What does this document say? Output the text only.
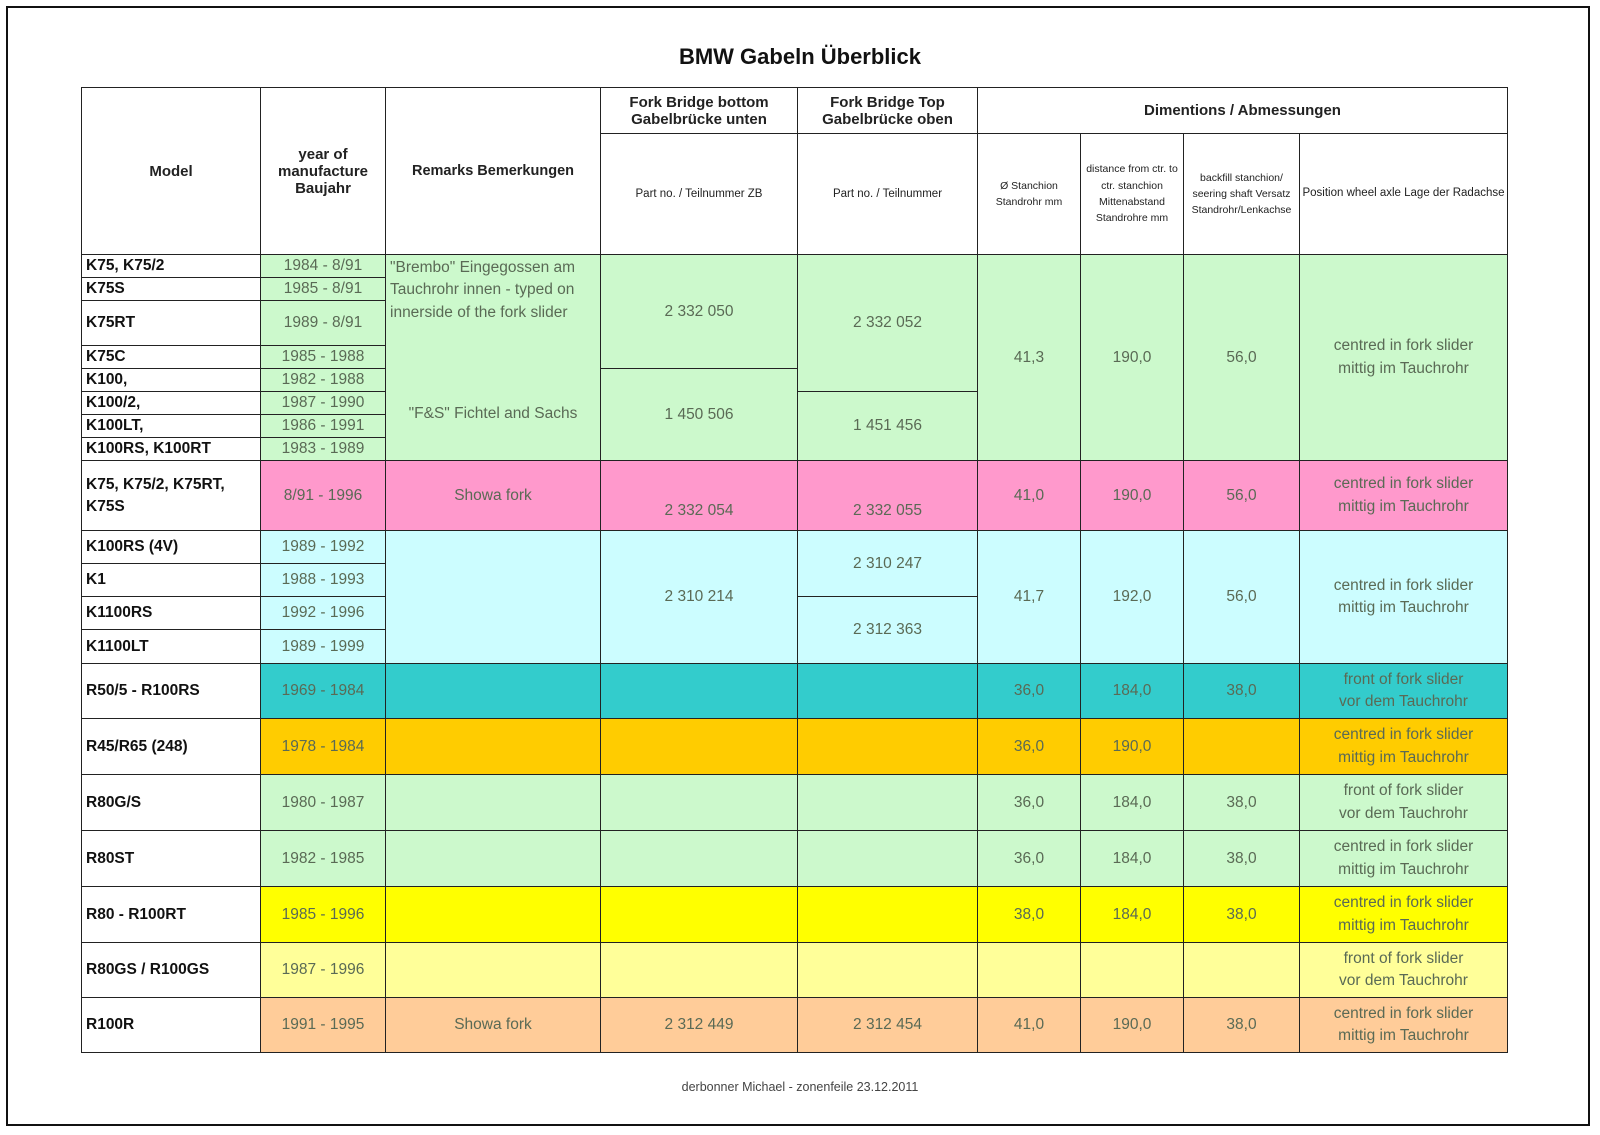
BMW Gabeln Überblick
Model	year of manufacture Baujahr	Remarks Bemerkungen	Fork Bridge bottom Gabelbrücke unten	Fork Bridge Top Gabelbrücke oben	Dimentions / Abmessungen			
			Part no. / Teilnummer ZB	Part no. / Teilnummer	Ø Stanchion Standrohr mm	distance from ctr. to ctr. stanchion Mittenabstand Standrohre mm	backfill stanchion/ seering shaft Versatz Standrohr/Lenkachse	Position wheel axle Lage der Radachse
K75, K75/2	1984 - 8/91	"Brembo" Eingegossen am Tauchrohr innen - typed on innerside of the fork slider	2 332 050	2 332 052	41,3	190,0	56,0	centred in fork slider
mittig im Tauchrohr
K75S	1985 - 8/91							
K75RT	1989 - 8/91							
K75C	1985 - 1988							
K100,	1982 - 1988	"F&S" Fichtel and Sachs	1 450 506					
K100/2,	1987 - 1990			1 451 456				
K100LT,	1986 - 1991							
K100RS, K100RT	1983 - 1989							
K75, K75/2, K75RT, K75S	8/91 - 1996	Showa fork	2 332 054	2 332 055	41,0	190,0	56,0	centred in fork slider
mittig im Tauchrohr
K100RS (4V)	1989 - 1992		2 310 214	2 310 247	41,7	192,0	56,0	centred in fork slider
mittig im Tauchrohr
K1	1988 - 1993							
K1100RS	1992 - 1996			2 312 363				
K1100LT	1989 - 1999							
R50/5 - R100RS	1969 - 1984				36,0	184,0	38,0	front of fork slider
vor dem Tauchrohr
R45/R65 (248)	1978 - 1984				36,0	190,0		centred in fork slider
mittig im Tauchrohr
R80G/S	1980 - 1987				36,0	184,0	38,0	front of fork slider
vor dem Tauchrohr
R80ST	1982 - 1985				36,0	184,0	38,0	centred in fork slider
mittig im Tauchrohr
R80 - R100RT	1985 - 1996				38,0	184,0	38,0	centred in fork slider
mittig im Tauchrohr
R80GS / R100GS	1987 - 1996							front of fork slider
vor dem Tauchrohr
R100R	1991 - 1995	Showa fork	2 312 449	2 312 454	41,0	190,0	38,0	centred in fork slider
mittig im Tauchrohr
derbonner Michael - zonenfeile 23.12.2011
